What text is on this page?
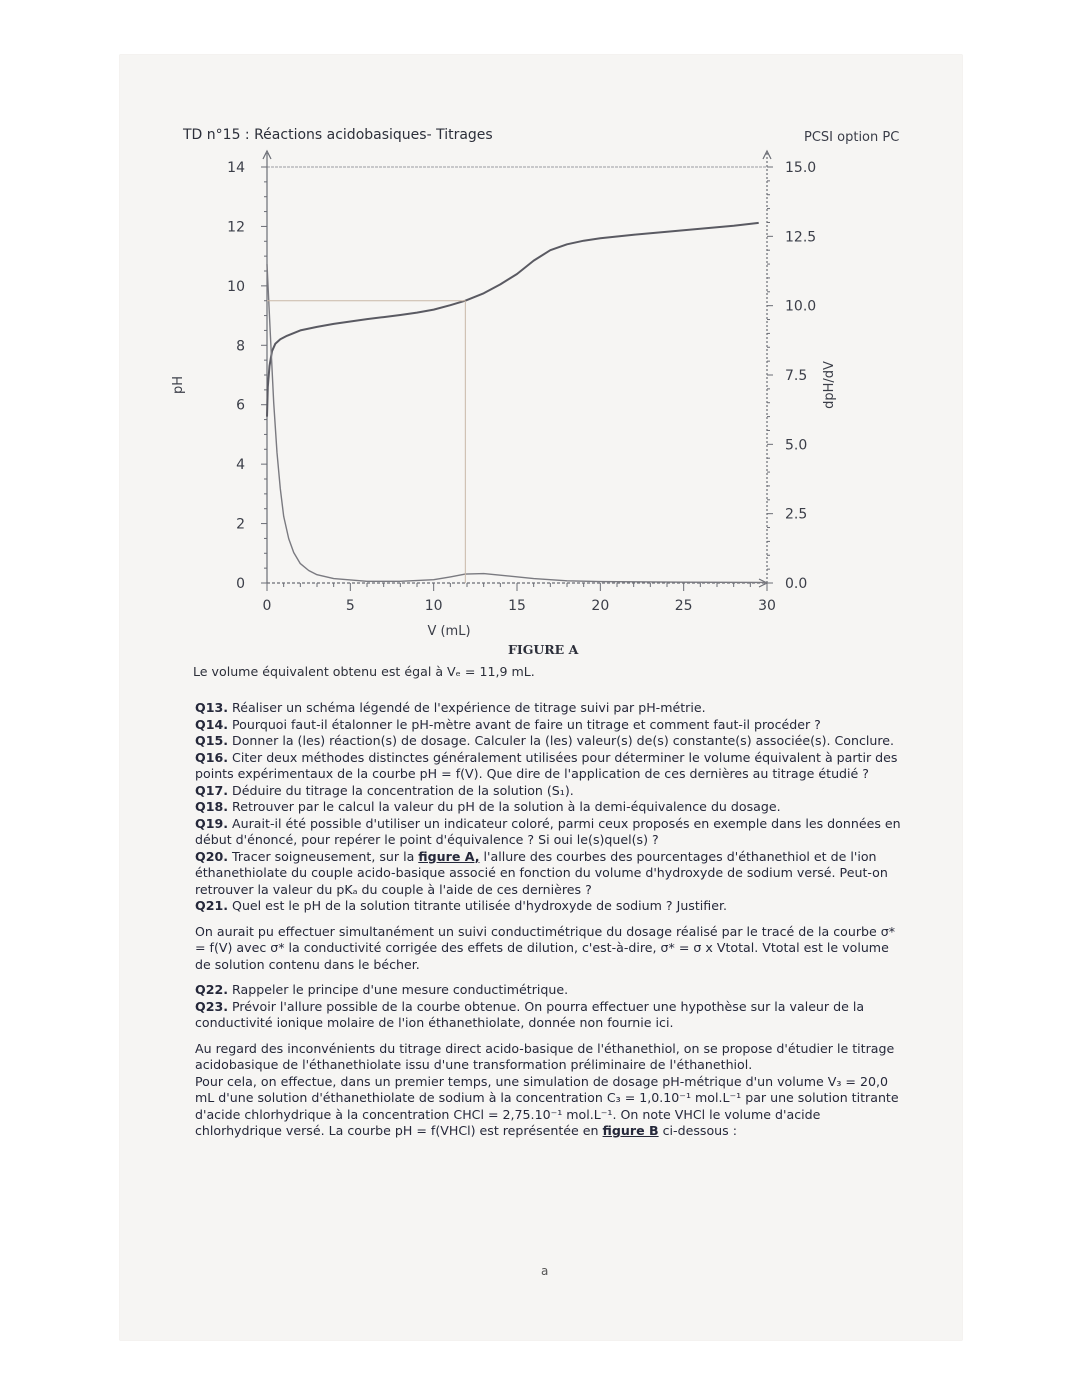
TD n°15 : Réactions acidobasiques- Titrages	PCSI option PC
0
2
4
6
8
10
12
14
0.0
2.5
5.0
7.5
10.0
12.5
15.0
0	5	10	15	20	25	30
V (mL)
pH	dpH/dV
FIGURE A
Le volume équivalent obtenu est égal à Vₑ = 11,9 mL.

Q13. Réaliser un schéma légendé de l'expérience de titrage suivi par pH-métrie.

Q14. Pourquoi faut-il étalonner le pH-mètre avant de faire un titrage et comment faut-il procéder ?

Q15. Donner la (les) réaction(s) de dosage. Calculer la (les) valeur(s) de(s) constante(s) associée(s). Conclure.

Q16. Citer deux méthodes distinctes généralement utilisées pour déterminer le volume équivalent à partir des points expérimentaux de la courbe pH = f(V). Que dire de l'application de ces dernières au titrage étudié ?

Q17. Déduire du titrage la concentration de la solution (S₁).

Q18. Retrouver par le calcul la valeur du pH de la solution à la demi-équivalence du dosage.

Q19. Aurait-il été possible d'utiliser un indicateur coloré, parmi ceux proposés en exemple dans les données en début d'énoncé, pour repérer le point d'équivalence ? Si oui le(s)quel(s) ?

Q20. Tracer soigneusement, sur la figure A, l'allure des courbes des pourcentages d'éthanethiol et de l'ion éthanethiolate du couple acido-basique associé en fonction du volume d'hydroxyde de sodium versé. Peut-on retrouver la valeur du pKₐ du couple à l'aide de ces dernières ?

Q21. Quel est le pH de la solution titrante utilisée d'hydroxyde de sodium ? Justifier.

On aurait pu effectuer simultanément un suivi conductimétrique du dosage réalisé par le tracé de la courbe σ* = f(V) avec σ* la conductivité corrigée des effets de dilution, c'est-à-dire, σ* = σ x Vtotal. Vtotal est le volume de solution contenu dans le bécher.

Q22. Rappeler le principe d'une mesure conductimétrique.

Q23. Prévoir l'allure possible de la courbe obtenue. On pourra effectuer une hypothèse sur la valeur de la conductivité ionique molaire de l'ion éthanethiolate, donnée non fournie ici.

Au regard des inconvénients du titrage direct acido-basique de l'éthanethiol, on se propose d'étudier le titrage acidobasique de l'éthanethiolate issu d'une transformation préliminaire de l'éthanethiol.

Pour cela, on effectue, dans un premier temps, une simulation de dosage pH-métrique d'un volume V₃ = 20,0 mL d'une solution d'éthanethiolate de sodium à la concentration C₃ = 1,0.10⁻¹ mol.L⁻¹ par une solution titrante d'acide chlorhydrique à la concentration CHCl = 2,75.10⁻¹ mol.L⁻¹. On note VHCl le volume d'acide chlorhydrique versé. La courbe pH = f(VHCl) est représentée en figure B ci-dessous :

a
